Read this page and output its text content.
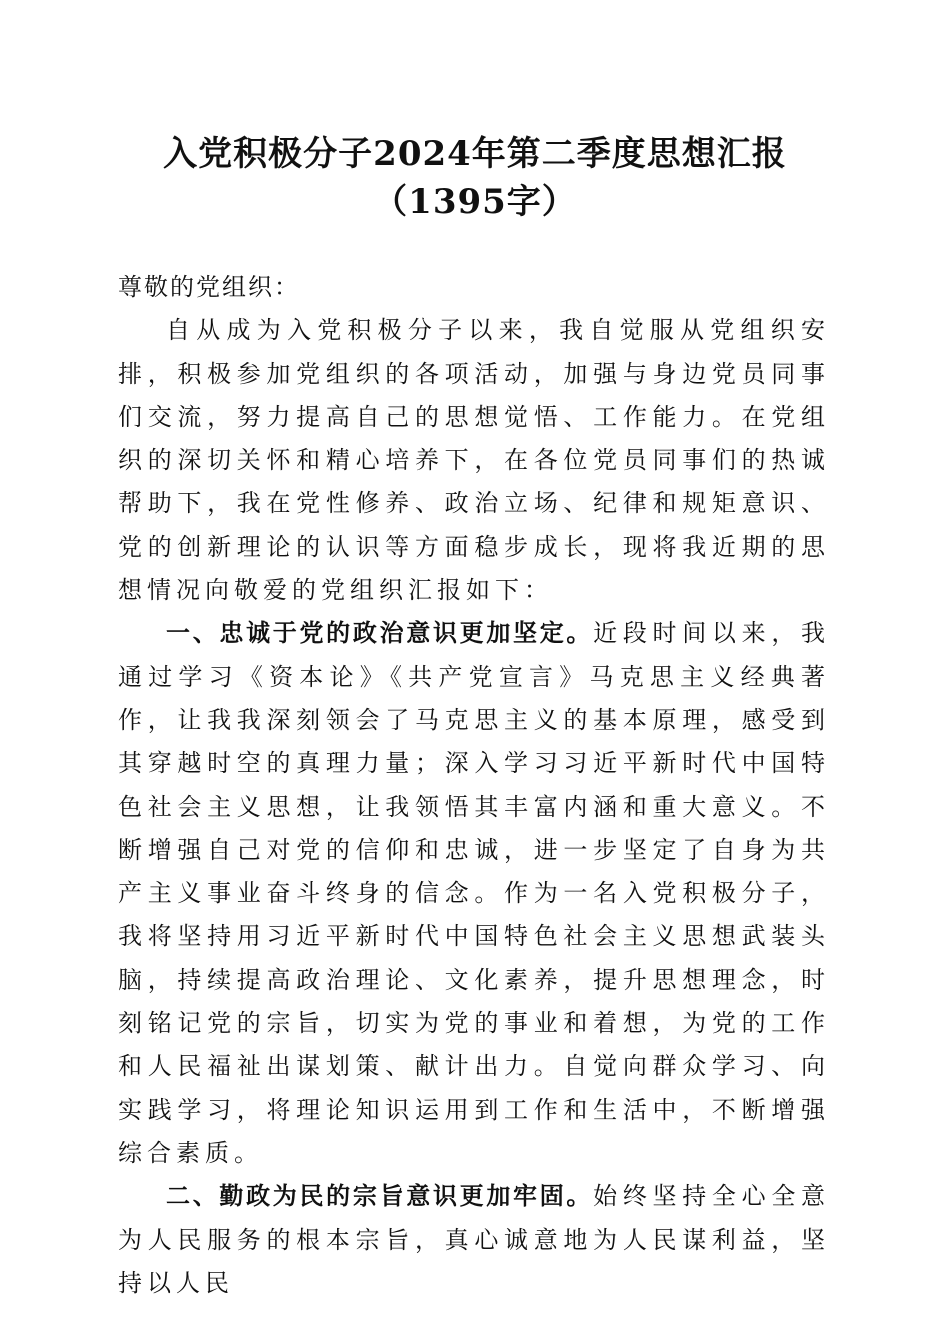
入党积极分子2024年第二季度思想汇报
（1395字）

尊敬的党组织：

自从成为入党积极分子以来，我自觉服从党组织安排，积极参加党组织的各项活动，加强与身边党员同事们交流，努力提高自己的思想觉悟、工作能力。在党组织的深切关怀和精心培养下，在各位党员同事们的热诚帮助下，我在党性修养、政治立场、纪律和规矩意识、党的创新理论的认识等方面稳步成长，现将我近期的思想情况向敬爱的党组织汇报如下：

一、忠诚于党的政治意识更加坚定。近段时间以来，我通过学习《资本论》《共产党宣言》马克思主义经典著作，让我我深刻领会了马克思主义的基本原理，感受到其穿越时空的真理力量；深入学习习近平新时代中国特色社会主义思想，让我领悟其丰富内涵和重大意义。不断增强自己对党的信仰和忠诚，进一步坚定了自身为共产主义事业奋斗终身的信念。作为一名入党积极分子，我将坚持用习近平新时代中国特色社会主义思想武装头脑，持续提高政治理论、文化素养，提升思想理念，时刻铭记党的宗旨，切实为党的事业和着想，为党的工作和人民福祉出谋划策、献计出力。自觉向群众学习、向实践学习，将理论知识运用到工作和生活中，不断增强综合素质。

二、勤政为民的宗旨意识更加牢固。始终坚持全心全意为人民服务的根本宗旨，真心诚意地为人民谋利益，坚持以人民
